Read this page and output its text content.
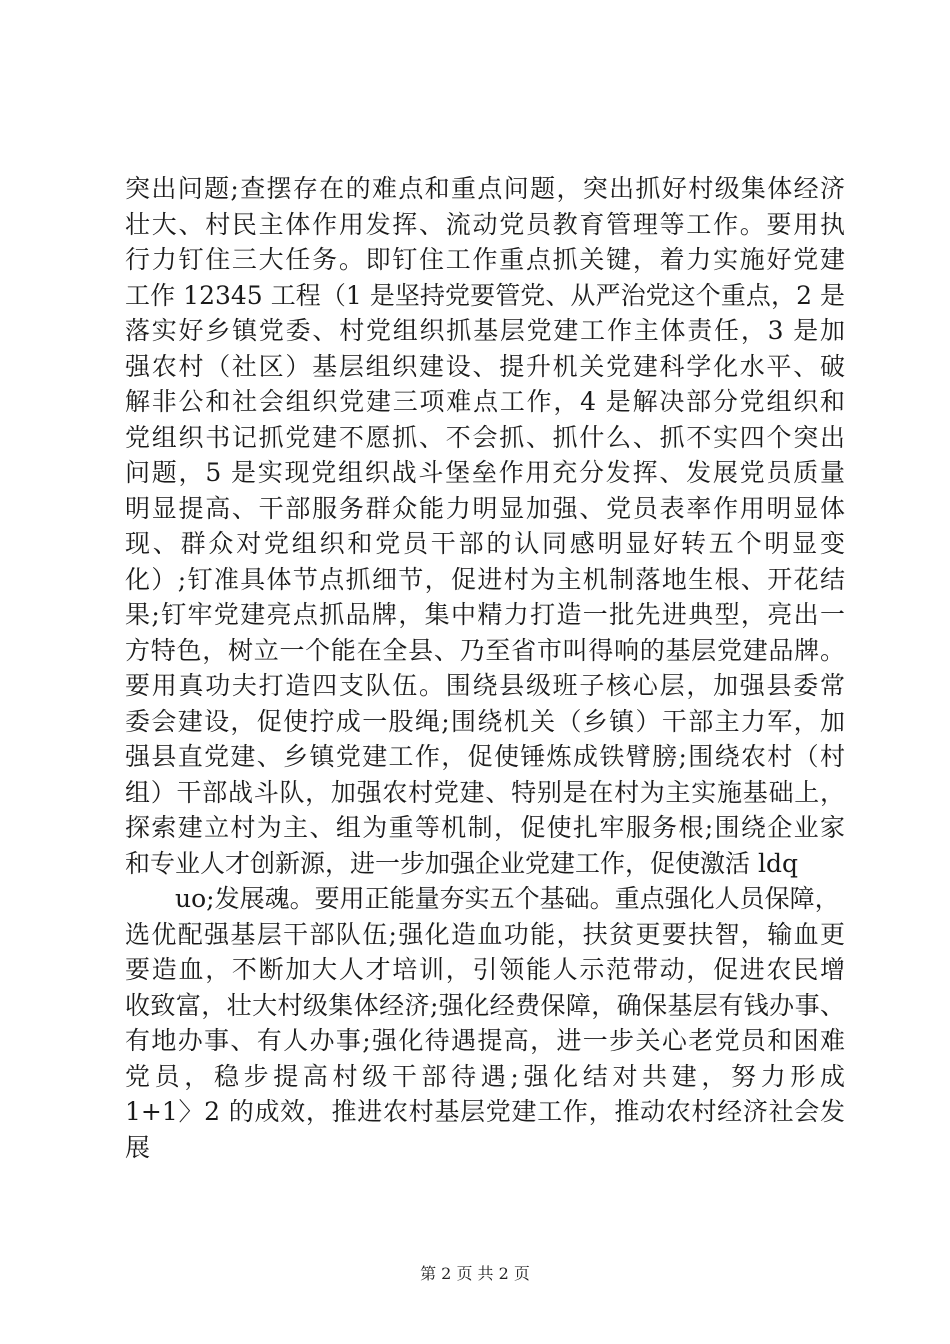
突出问题;查摆存在的难点和重点问题，突出抓好村级集体经济
壮大、村民主体作用发挥、流动党员教育管理等工作。要用执
行力钉住三大任务。即钉住工作重点抓关键，着力实施好党建
工作 12345 工程（1 是坚持党要管党、从严治党这个重点，2 是
落实好乡镇党委、村党组织抓基层党建工作主体责任，3 是加
强农村（社区）基层组织建设、提升机关党建科学化水平、破
解非公和社会组织党建三项难点工作，4 是解决部分党组织和
党组织书记抓党建不愿抓、不会抓、抓什么、抓不实四个突出
问题，5 是实现党组织战斗堡垒作用充分发挥、发展党员质量
明显提高、干部服务群众能力明显加强、党员表率作用明显体
现、群众对党组织和党员干部的认同感明显好转五个明显变
化）;钉准具体节点抓细节，促进村为主机制落地生根、开花结
果;钉牢党建亮点抓品牌，集中精力打造一批先进典型，亮出一
方特色，树立一个能在全县、乃至省市叫得响的基层党建品牌。
要用真功夫打造四支队伍。围绕县级班子核心层，加强县委常
委会建设，促使拧成一股绳;围绕机关（乡镇）干部主力军，加
强县直党建、乡镇党建工作，促使锤炼成铁臂膀;围绕农村（村
组）干部战斗队，加强农村党建、特别是在村为主实施基础上，
探索建立村为主、组为重等机制，促使扎牢服务根;围绕企业家
和专业人才创新源，进一步加强企业党建工作，促使激活 ldq
uo;发展魂。要用正能量夯实五个基础。重点强化人员保障，
选优配强基层干部队伍;强化造血功能，扶贫更要扶智，输血更
要造血，不断加大人才培训，引领能人示范带动，促进农民增
收致富，壮大村级集体经济;强化经费保障，确保基层有钱办事、
有地办事、有人办事;强化待遇提高，进一步关心老党员和困难
党员，稳步提高村级干部待遇;强化结对共建，努力形成
1+1〉2 的成效，推进农村基层党建工作，推动农村经济社会发
展
第 2 页 共 2 页
